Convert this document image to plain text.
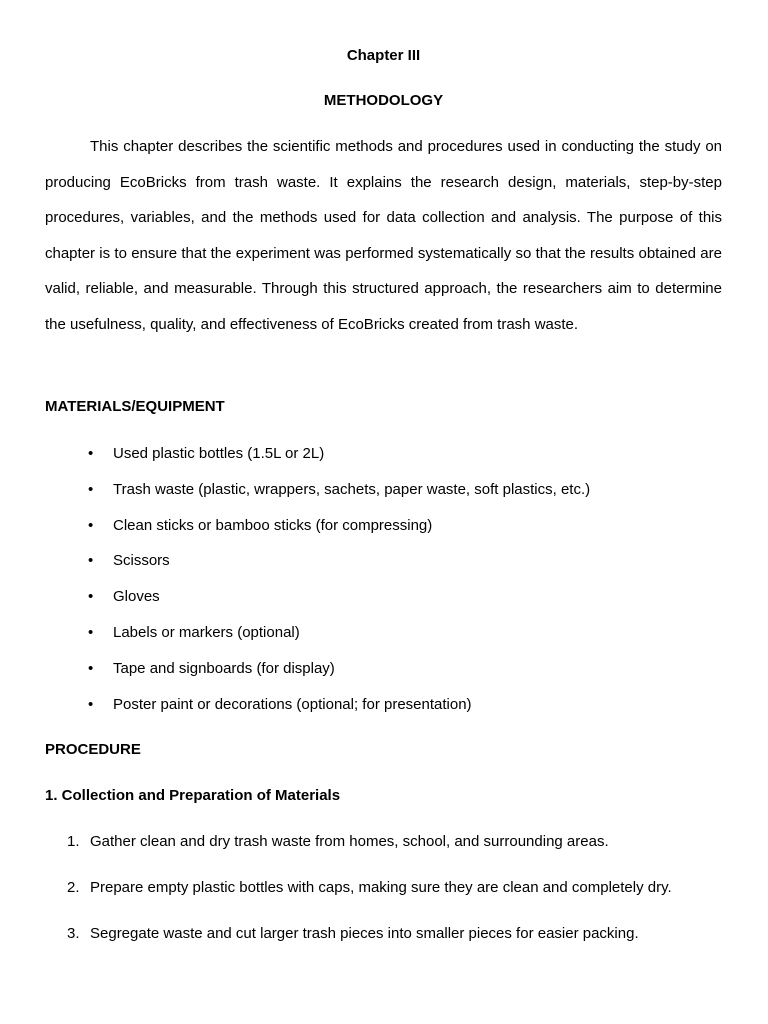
Chapter III
METHODOLOGY

This chapter describes the scientific methods and procedures used in conducting the study on producing EcoBricks from trash waste. It explains the research design, materials, step-by-step procedures, variables, and the methods used for data collection and analysis. The purpose of this chapter is to ensure that the experiment was performed systematically so that the results obtained are valid, reliable, and measurable. Through this structured approach, the researchers aim to determine the usefulness, quality, and effectiveness of EcoBricks created from trash waste.

MATERIALS/EQUIPMENT

• Used plastic bottles (1.5L or 2L)
• Trash waste (plastic, wrappers, sachets, paper waste, soft plastics, etc.)
• Clean sticks or bamboo sticks (for compressing)
• Scissors
• Gloves
• Labels or markers (optional)
• Tape and signboards (for display)
• Poster paint or decorations (optional; for presentation)

PROCEDURE

1. Collection and Preparation of Materials

1. Gather clean and dry trash waste from homes, school, and surrounding areas.
2. Prepare empty plastic bottles with caps, making sure they are clean and completely dry.
3. Segregate waste and cut larger trash pieces into smaller pieces for easier packing.
